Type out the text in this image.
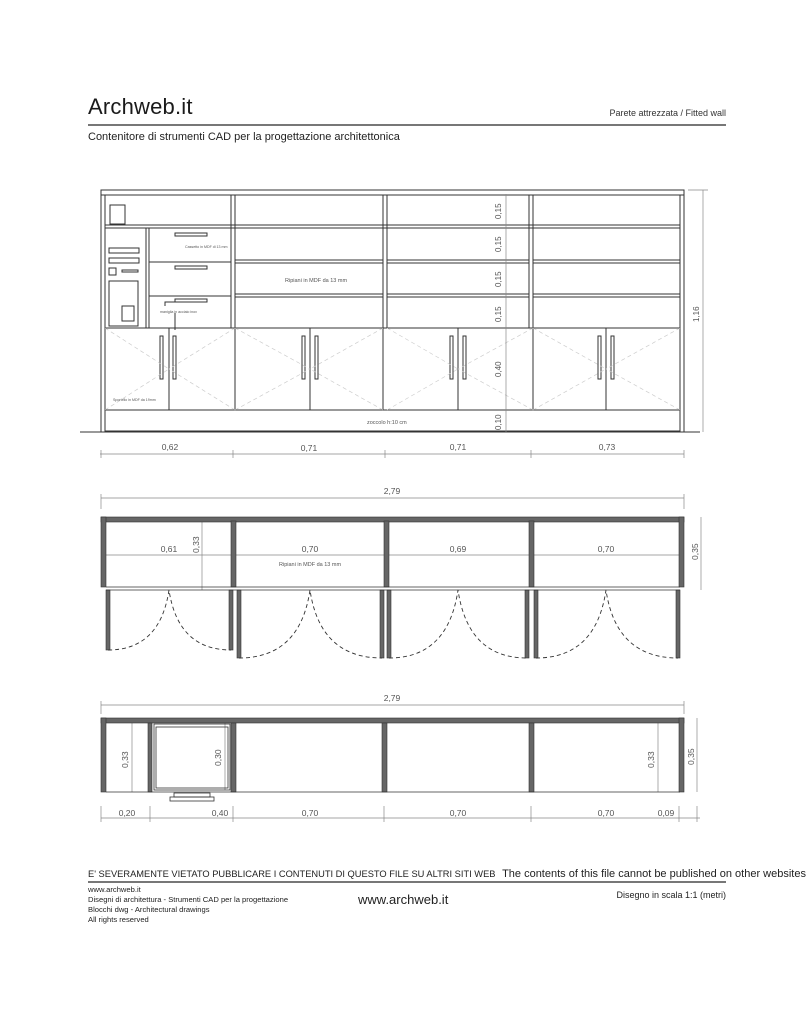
Archweb.it	Parete attrezzata / Fitted wall
Contenitore di strumenti CAD per la progettazione architettonica
Cassetto in MDF di 13 mm
maniglia in acciaio inox
Ripiani in MDF da 13 mm
Sportello in MDF da 19mm
zoccolo h:10 cm
0,62	0,71	0,71	0,73
0,15
0,15
0,15
0,15
0,40
0,10
1,16
2,79
0,61	0,70	0,69	0,70
Ripiani in MDF da 13 mm
0,33	0,35
2,79
0,20	0,40	0,70	0,70	0,70	0,09
0,33	0,30	0,33	0,35
E' SEVERAMENTE VIETATO PUBBLICARE I CONTENUTI DI QUESTO FILE SU ALTRI SITI WEB The contents of this file cannot be published on other websites
www.archweb.it
Disegni di architettura - Strumenti CAD per la progettazione
Blocchi dwg - Architectural drawings
All rights reserved
www.archweb.it	Disegno in scala 1:1 (metri)
